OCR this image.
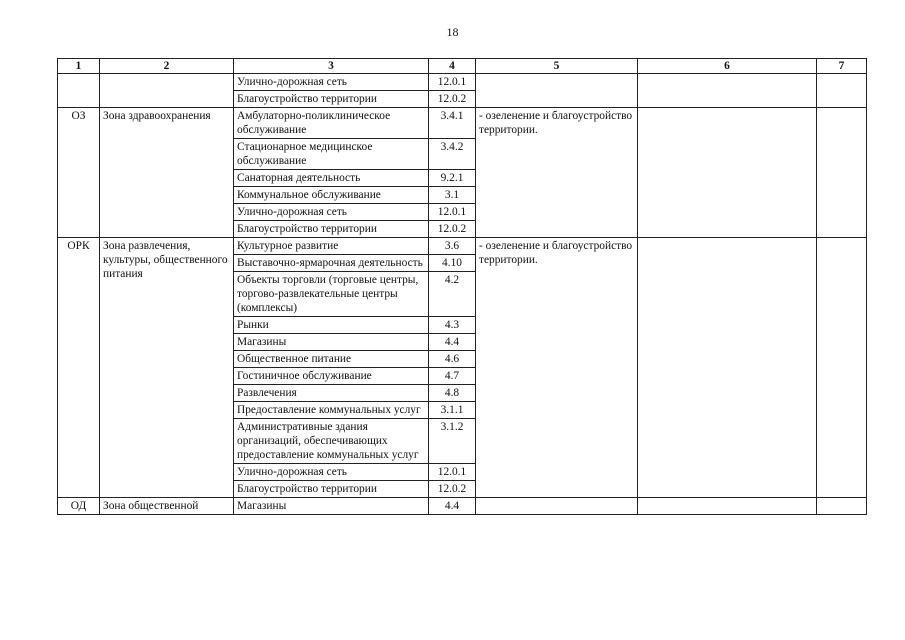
18
1	2	3	4	5	6	7
		Улично-дорожная сеть	12.0.1			
		Благоустройство территории	12.0.2			
ОЗ	Зона здравоохранения	Амбулаторно-поликлиническое обслуживание	3.4.1	- озеленение и благоустройство территории.		
		Стационарное медицинское обслуживание	3.4.2			
		Санаторная деятельность	9.2.1			
		Коммунальное обслуживание	3.1			
		Улично-дорожная сеть	12.0.1			
		Благоустройство территории	12.0.2			
ОРК	Зона развлечения, культуры, общественного питания	Культурное развитие	3.6	- озеленение и благоустройство территории.		
		Выставочно-ярмарочная деятельность	4.10			
		Объекты торговли (торговые центры, торгово-развлекательные центры (комплексы)	4.2			
		Рынки	4.3			
		Магазины	4.4			
		Общественное питание	4.6			
		Гостиничное обслуживание	4.7			
		Развлечения	4.8			
		Предоставление коммунальных услуг	3.1.1			
		Административные здания организаций, обеспечивающих предоставление коммунальных услуг	3.1.2			
		Улично-дорожная сеть	12.0.1			
		Благоустройство территории	12.0.2			
ОД	Зона общественной	Магазины	4.4			
